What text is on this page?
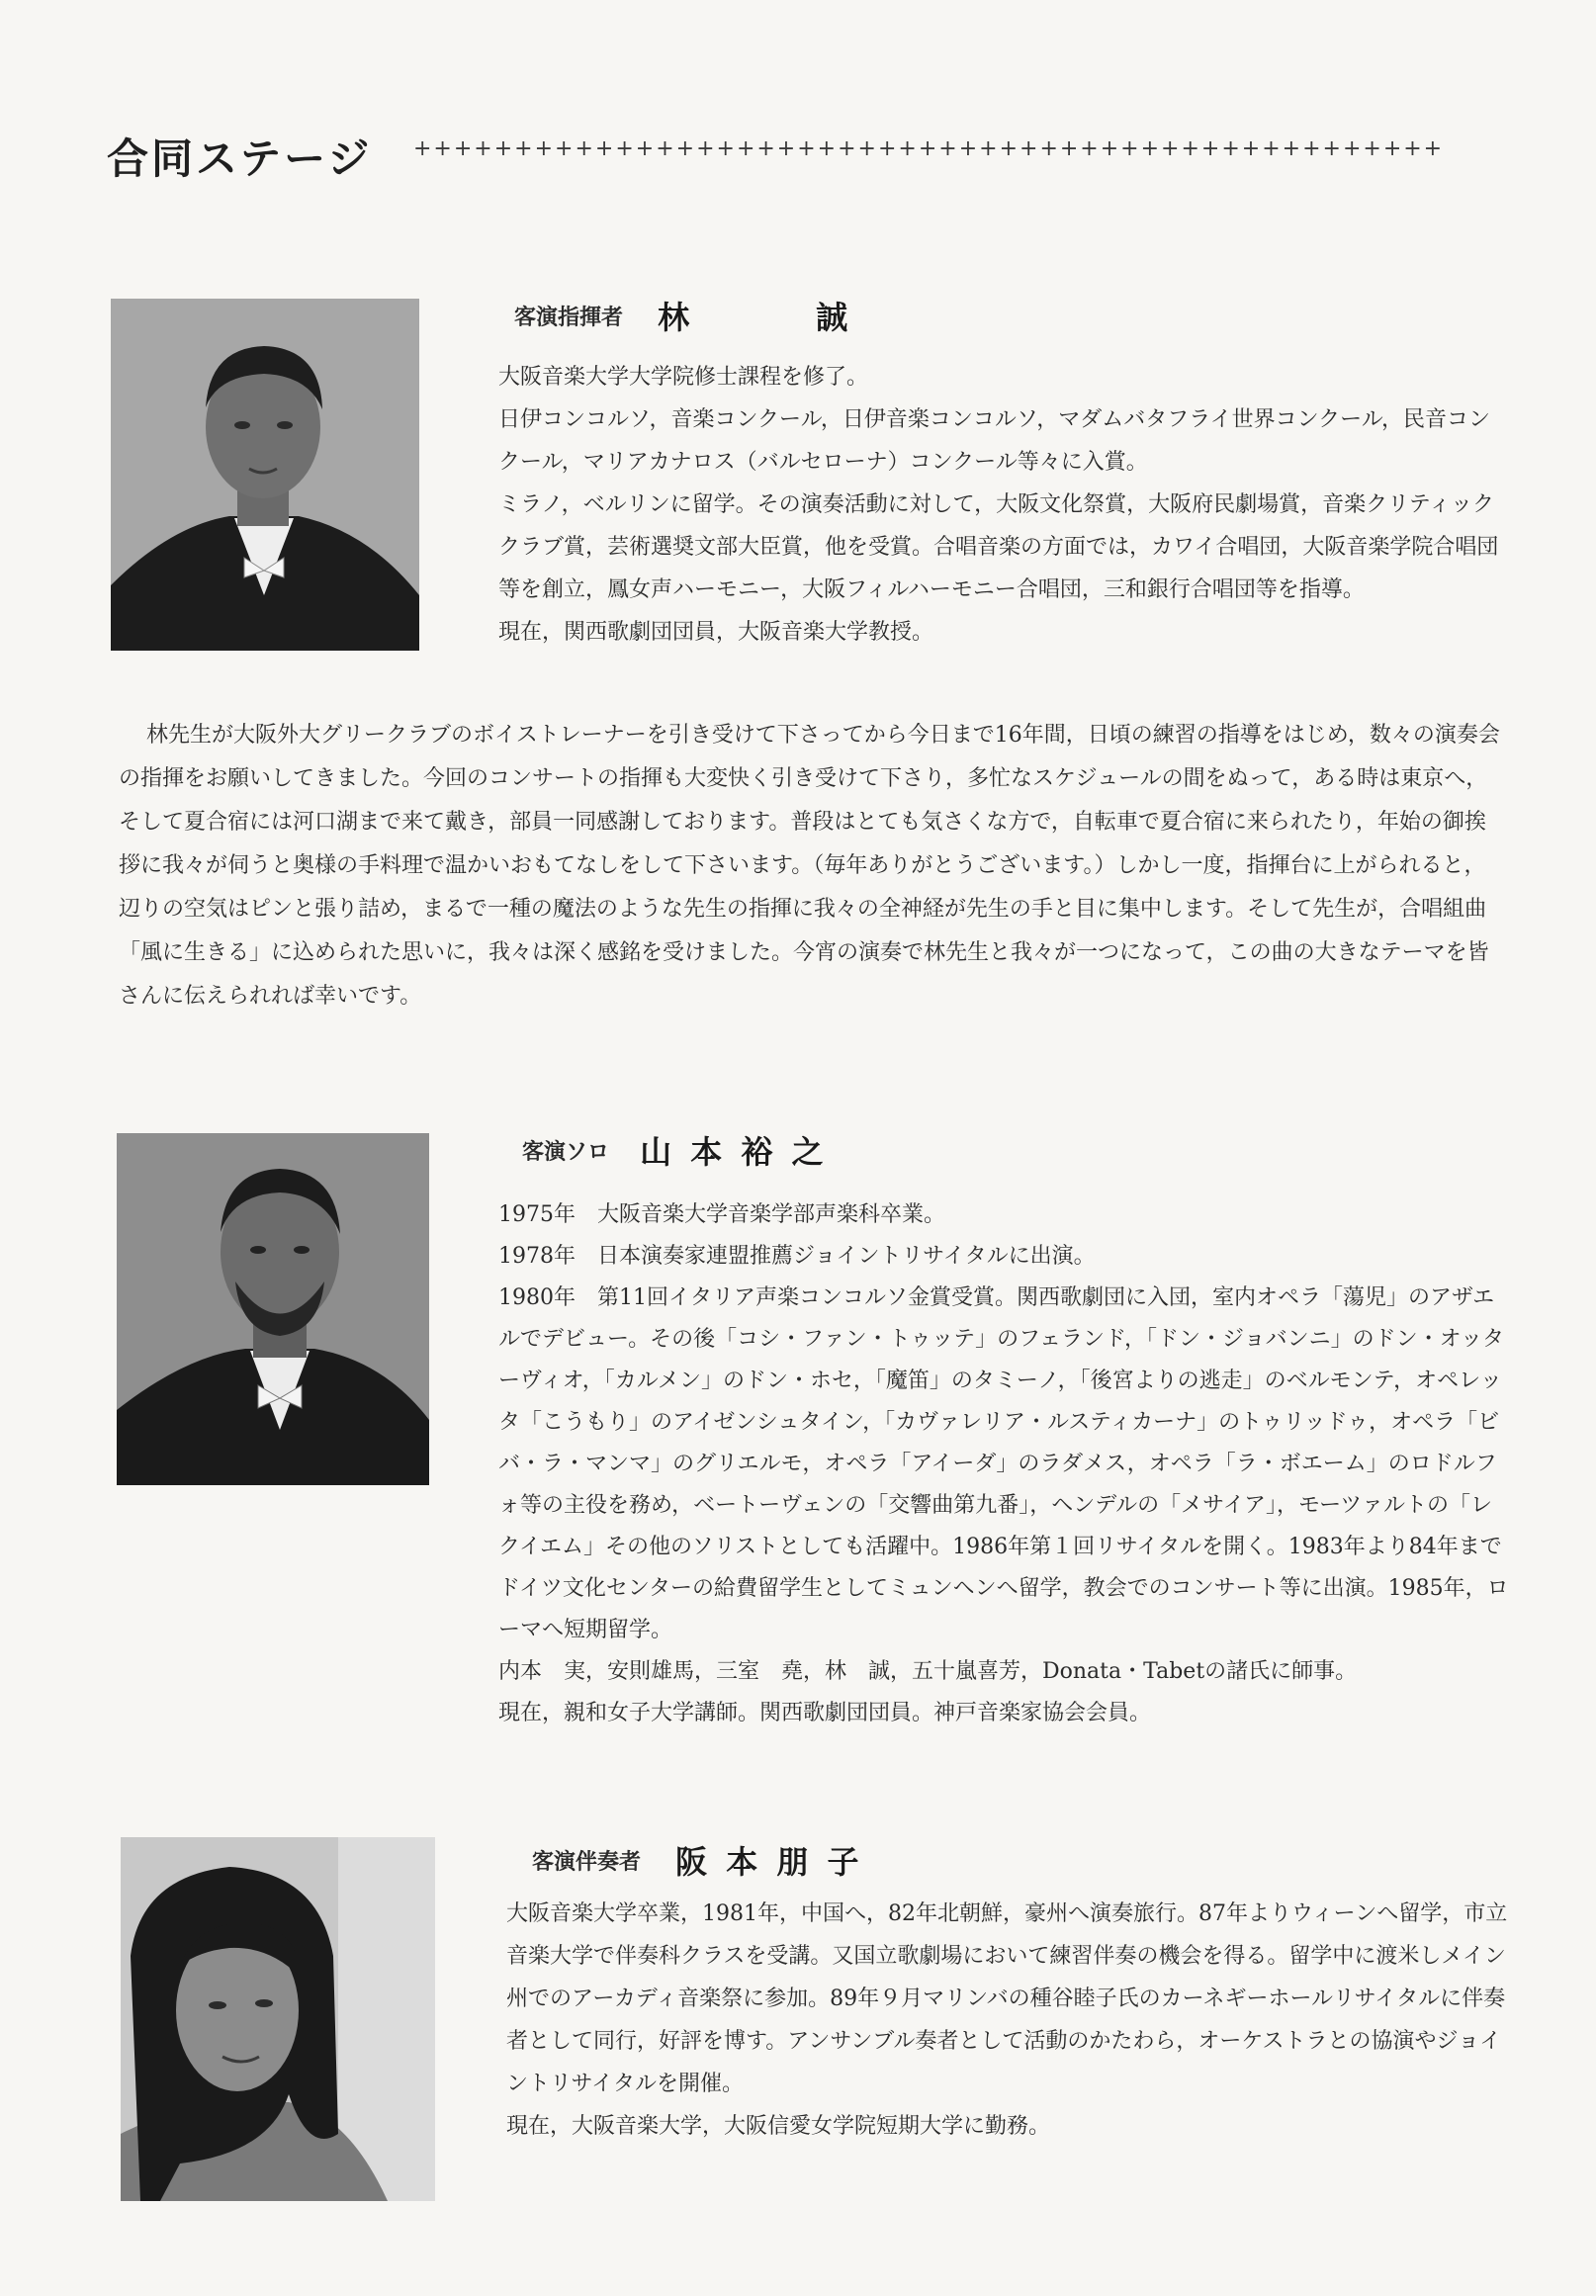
合同ステージ +++++++++++++++++++++++++++++++++++++++++++++++++++
客演指揮者 林　　　　誠

大阪音楽大学大学院修士課程を修了。

日伊コンコルソ，音楽コンクール，日伊音楽コンコルソ，マダムバタフライ世界コンクール，民音コンクール，マリアカナロス（バルセローナ）コンクール等々に入賞。

ミラノ，ベルリンに留学。その演奏活動に対して，大阪文化祭賞，大阪府民劇場賞，音楽クリティッククラブ賞，芸術選奨文部大臣賞，他を受賞。合唱音楽の方面では，カワイ合唱団，大阪音楽学院合唱団等を創立，鳳女声ハーモニー，大阪フィルハーモニー合唱団，三和銀行合唱団等を指導。

現在，関西歌劇団団員，大阪音楽大学教授。

林先生が大阪外大グリークラブのボイストレーナーを引き受けて下さってから今日まで16年間，日頃の練習の指導をはじめ，数々の演奏会の指揮をお願いしてきました。今回のコンサートの指揮も大変快く引き受けて下さり，多忙なスケジュールの間をぬって，ある時は東京へ，そして夏合宿には河口湖まで来て戴き，部員一同感謝しております。普段はとても気さくな方で，自転車で夏合宿に来られたり，年始の御挨拶に我々が伺うと奥様の手料理で温かいおもてなしをして下さいます。（毎年ありがとうございます。）しかし一度，指揮台に上がられると，辺りの空気はピンと張り詰め，まるで一種の魔法のような先生の指揮に我々の全神経が先生の手と目に集中します。そして先生が，合唱組曲「風に生きる」に込められた思いに，我々は深く感銘を受けました。今宵の演奏で林先生と我々が一つになって，この曲の大きなテーマを皆さんに伝えられれば幸いです。

客演ソロ 山 本 裕 之

1975年　大阪音楽大学音楽学部声楽科卒業。

1978年　日本演奏家連盟推薦ジョイントリサイタルに出演。

1980年　第11回イタリア声楽コンコルソ金賞受賞。関西歌劇団に入団，室内オペラ「蕩児」のアザエルでデビュー。その後「コシ・ファン・トゥッテ」のフェランド，「ドン・ジョバンニ」のドン・オッターヴィオ，「カルメン」のドン・ホセ，「魔笛」のタミーノ，「後宮よりの逃走」のベルモンテ，オペレッタ「こうもり」のアイゼンシュタイン，「カヴァレリア・ルスティカーナ」のトゥリッドゥ，オペラ「ビバ・ラ・マンマ」のグリエルモ，オペラ「アイーダ」のラダメス，オペラ「ラ・ボエーム」のロドルフォ等の主役を務め，ベートーヴェンの「交響曲第九番」，ヘンデルの「メサイア」，モーツァルトの「レクイエム」その他のソリストとしても活躍中。1986年第１回リサイタルを開く。1983年より84年までドイツ文化センターの給費留学生としてミュンヘンへ留学，教会でのコンサート等に出演。1985年，ローマへ短期留学。

内本　実，安則雄馬，三室　堯，林　誠，五十嵐喜芳，Donata・Tabetの諸氏に師事。

現在，親和女子大学講師。関西歌劇団団員。神戸音楽家協会会員。

客演伴奏者 阪 本 朋 子

大阪音楽大学卒業，1981年，中国へ，82年北朝鮮，豪州へ演奏旅行。87年よりウィーンへ留学，市立音楽大学で伴奏科クラスを受講。又国立歌劇場において練習伴奏の機会を得る。留学中に渡米しメイン州でのアーカディ音楽祭に参加。89年９月マリンバの種谷睦子氏のカーネギーホールリサイタルに伴奏者として同行，好評を博す。アンサンブル奏者として活動のかたわら，オーケストラとの協演やジョイントリサイタルを開催。

現在，大阪音楽大学，大阪信愛女学院短期大学に勤務。
